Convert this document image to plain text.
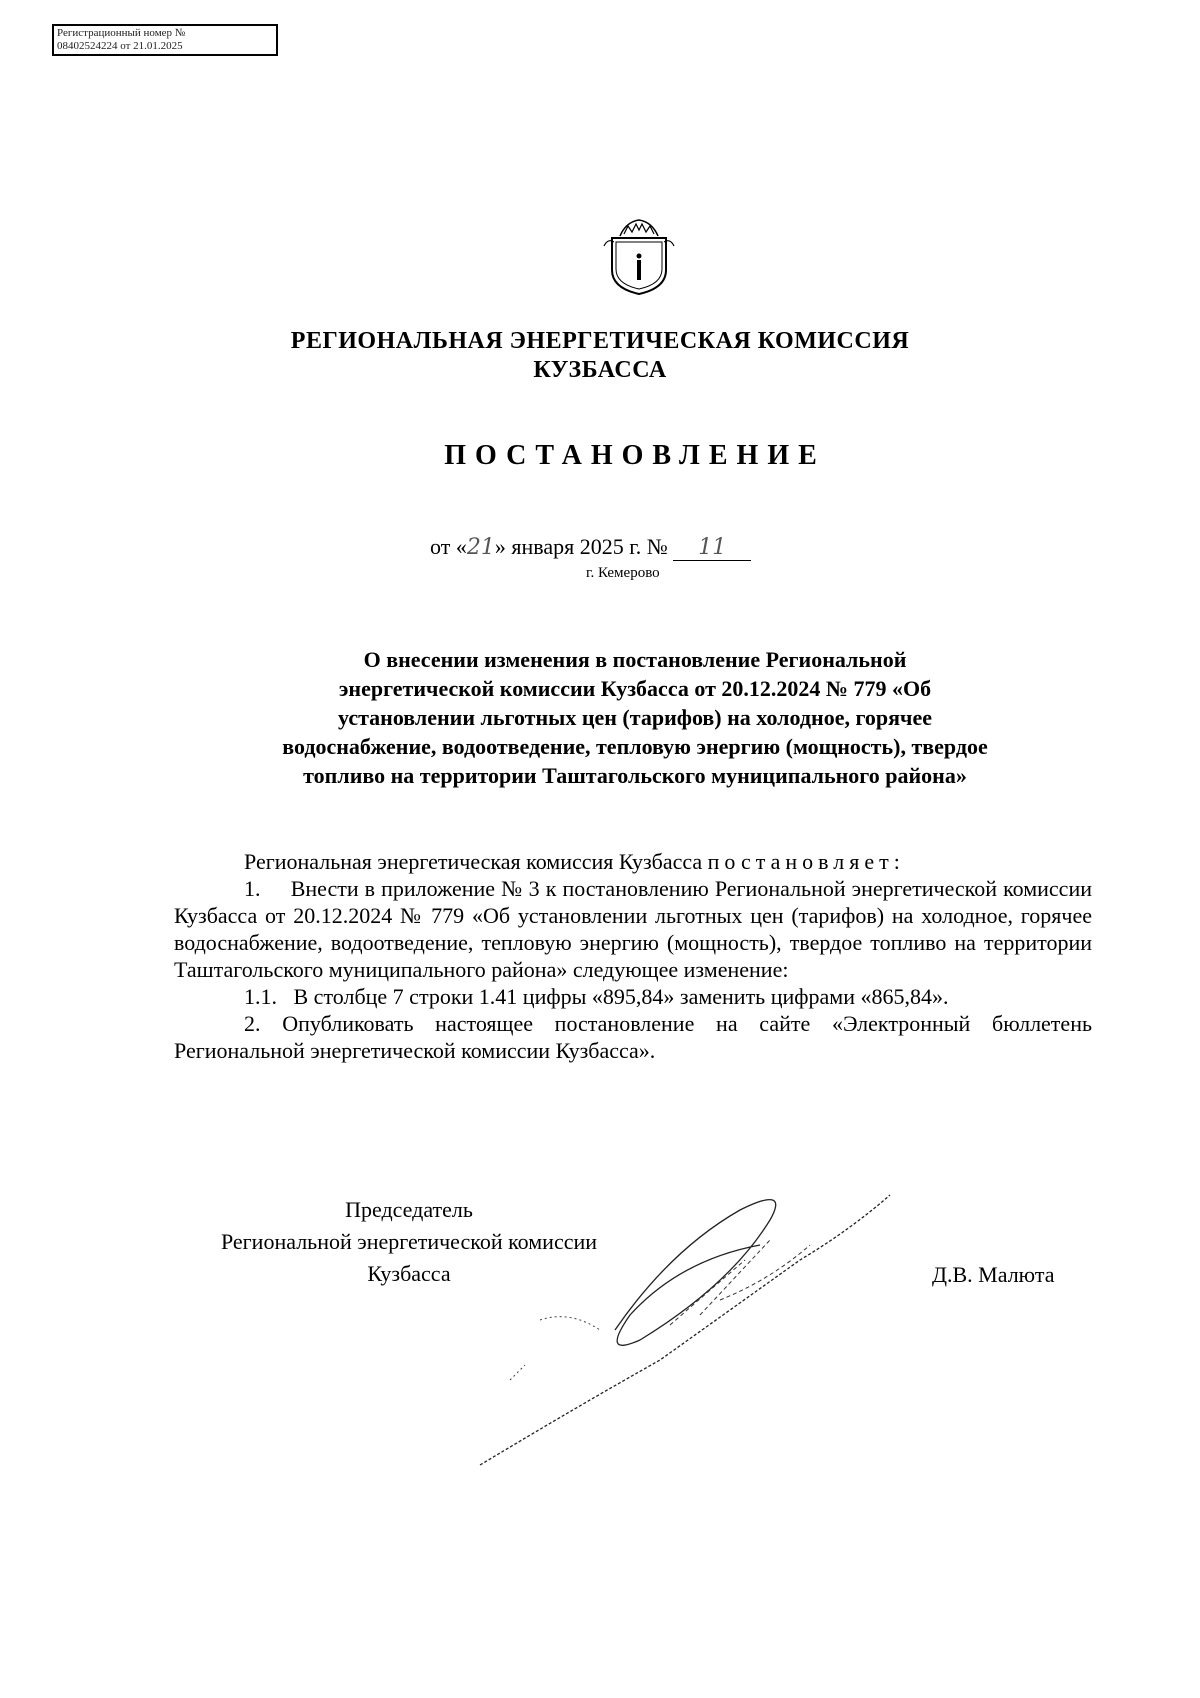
Регистрационный номер №
08402524224 от 21.01.2025
РЕГИОНАЛЬНАЯ ЭНЕРГЕТИЧЕСКАЯ КОМИССИЯ
КУЗБАССА
ПОСТАНОВЛЕНИЕ
от «21» января 2025 г. № 11
г. Кемерово
О внесении изменения в постановление Региональной
энергетической комиссии Кузбасса от 20.12.2024 № 779 «Об
установлении льготных цен (тарифов) на холодное, горячее
водоснабжение, водоотведение, тепловую энергию (мощность), твердое
топливо на территории Таштагольского муниципального района»
Региональная энергетическая комиссия Кузбасса постановляет:
1.     Внести в приложение № 3 к постановлению Региональной энергетической комиссии Кузбасса от 20.12.2024 № 779 «Об установлении льготных цен (тарифов) на холодное, горячее водоснабжение, водоотведение, тепловую энергию (мощность), твердое топливо на территории Таштагольского муниципального района» следующее изменение:
1.1.   В столбце 7 строки 1.41 цифры «895,84» заменить цифрами «865,84».
2. Опубликовать настоящее постановление на сайте «Электронный бюллетень Региональной энергетической комиссии Кузбасса».
Председатель
Региональной энергетической комиссии
Кузбасса	Д.В. Малюта
